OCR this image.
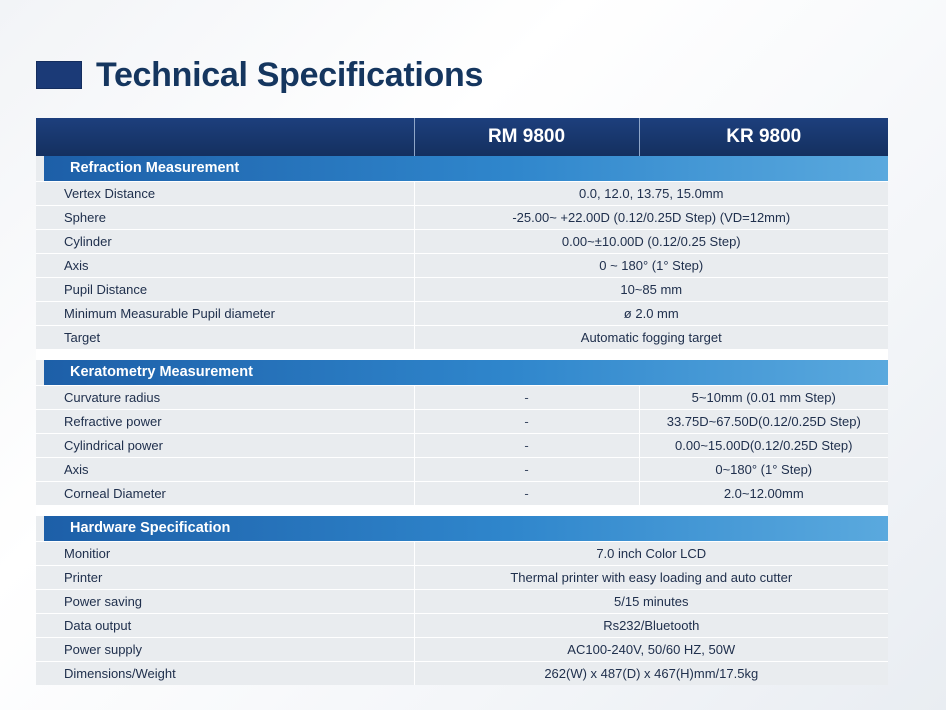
Technical Specifications
	RM 9800	KR 9800

Refraction Measurement		

Vertex Distance	0.0, 12.0, 13.75, 15.0mm	
Sphere	-25.00~ +22.00D (0.12/0.25D Step) (VD=12mm)	
Cylinder	0.00~±10.00D (0.12/0.25 Step)	
Axis	0 ~ 180° (1° Step)	
Pupil Distance	10~85 mm	
Minimum Measurable Pupil diameter	ø 2.0 mm	
Target	Automatic fogging target	

Keratometry Measurement		

Curvature radius	-	5~10mm (0.01 mm Step)
Refractive power	-	33.75D~67.50D(0.12/0.25D Step)
Cylindrical power	-	0.00~15.00D(0.12/0.25D Step)
Axis	-	0~180° (1° Step)
Corneal Diameter	-	2.0~12.00mm

Hardware Specification		

Monitior	7.0 inch Color LCD	
Printer	Thermal printer with easy loading and auto cutter	
Power saving	5/15 minutes	
Data output	Rs232/Bluetooth	
Power supply	AC100-240V, 50/60 HZ, 50W	
Dimensions/Weight	262(W) x 487(D) x 467(H)mm/17.5kg	
